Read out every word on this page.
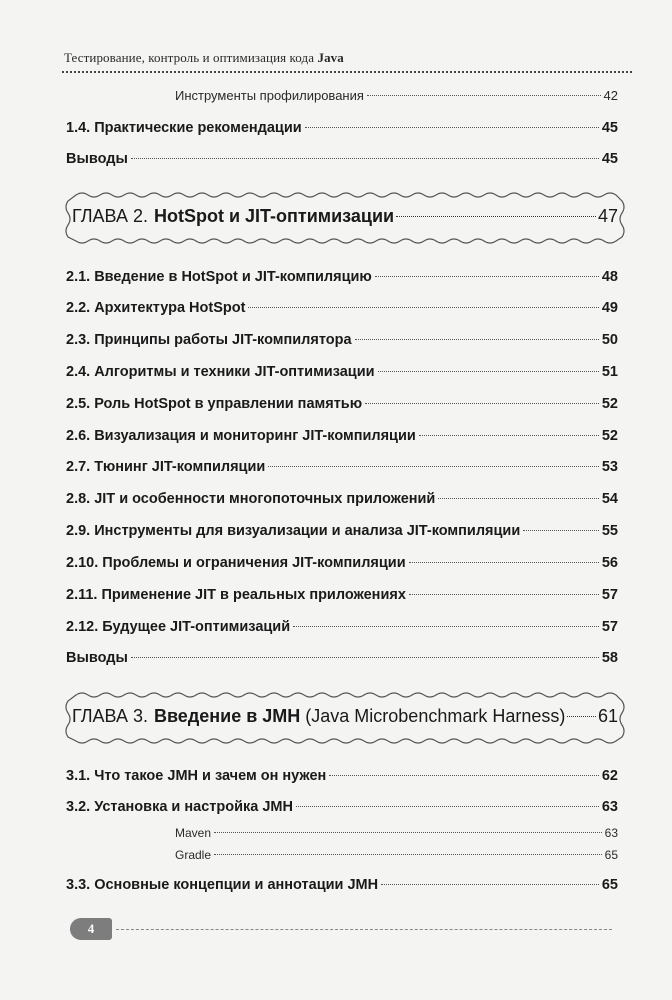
Тестирование, контроль и оптимизация кода Java
Инструменты профилирования	42
1.4. Практические рекомендации	45
Выводы	45
ГЛАВА 2. HotSpot и JIT-оптимизации	47
2.1. Введение в HotSpot и JIT-компиляцию	48
2.2. Архитектура HotSpot	49
2.3. Принципы работы JIT-компилятора	50
2.4. Алгоритмы и техники JIT-оптимизации	51
2.5. Роль HotSpot в управлении памятью	52
2.6. Визуализация и мониторинг JIT-компиляции	52
2.7. Тюнинг JIT-компиляции	53
2.8. JIT и особенности многопоточных приложений	54
2.9. Инструменты для визуализации и анализа JIT-компиляции	55
2.10. Проблемы и ограничения JIT-компиляции	56
2.11. Применение JIT в реальных приложениях	57
2.12. Будущее JIT-оптимизаций	57
Выводы	58
ГЛАВА 3. Введение в JMH (Java Microbenchmark Harness) 61
3.1. Что такое JMH и зачем он нужен	62
3.2. Установка и настройка JMH	63
Maven	63
Gradle	65
3.3. Основные концепции и аннотации JMH	65
4
